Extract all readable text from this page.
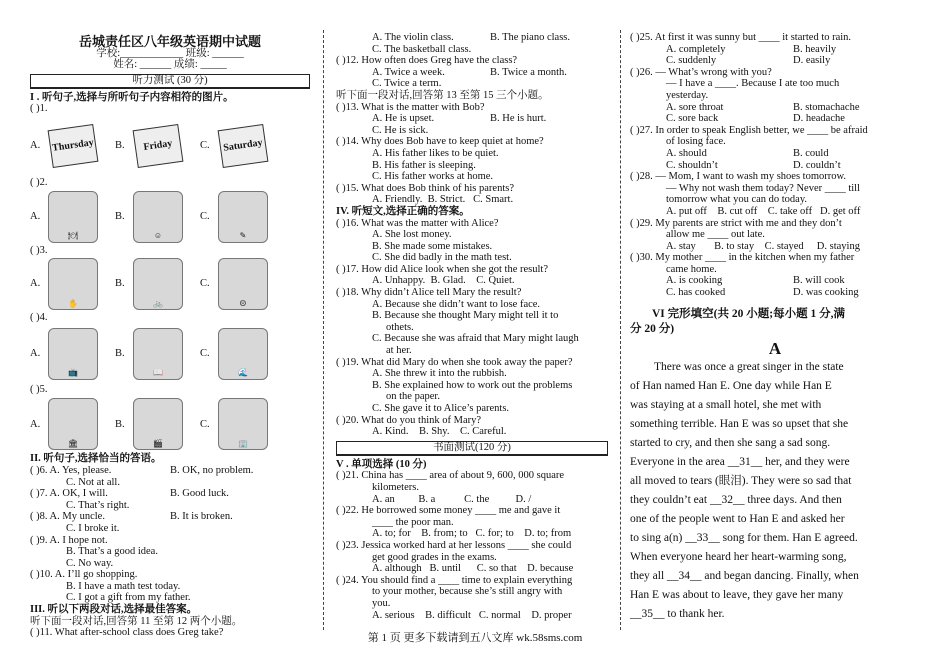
岳城责任区八年级英语期中试题
学校:____________ 班级: ______
姓名: ______ 成绩: _____
听力测试 (30 分)
I . 听句子,选择与所听句子内容相符的图片。
( )1.
A.	Thursday	B.	Friday	C.	Saturday
( )2.
A.
🍽
B.
☺
C.
✎
( )3.
A.
✋
B.
🚲
C.
☹
( )4.
A.
📺
B.
📖
C.
🌊
( )5.
A.
🏛
B.
🎬
C.
🏢
II. 听句子,选择恰当的答语。
( )6. A. Yes, please.	B. OK, no problem.
C. Not at all.
( )7. A. OK, I will.	B. Good luck.
C. That’s right.
( )8. A. My uncle.	B. It is broken.
C. I broke it.
( )9. A. I hope not.
B. That’s a good idea.
C. No way.
( )10. A. I’ll go shopping.
B. I have a math test today.
C. I got a gift from my father.
III. 听以下两段对话,选择最佳答案。
听下面一段对话,回答第 11 至第 12 两个小题。
( )11. What after-school class does Greg take?
A. The violin class.	B. The piano class.
C. The basketball class.
( )12. How often does Greg have the class?
A. Twice a week.	B. Twice a month.
C. Twice a term.
听下面一段对话,回答第 13 至第 15 三个小题。
( )13. What is the matter with Bob?
A. He is upset.	B. He is hurt.
C. He is sick.
( )14. Why does Bob have to keep quiet at home?
A. His father likes to be quiet.
B. His father is sleeping.
C. His father works at home.
( )15. What does Bob think of his parents?
A. Friendly.  B. Strict.   C. Smart.
IV. 听短文,选择正确的答案。
( )16. What was the matter with Alice?
A. She lost money.
B. She made some mistakes.
C. She did badly in the math test.
( )17. How did Alice look when she got the result?
A. Unhappy.  B. Glad.    C. Quiet.
( )18. Why didn’t Alice tell Mary the result?
A. Because she didn’t want to lose face.
B. Because she thought Mary might tell it to
othets.
C. Because she was afraid that Mary might laugh
at her.
( )19. What did Mary do when she took away the paper?
A. She threw it into the rubbish.
B. She explained how to work out the problems
on the paper.
C. She gave it to Alice’s parents.
( )20. What do you think of Mary?
A. Kind.    B. Shy.    C. Careful.
书面测试(120 分)
V . 单项选择 (10 分)
( )21. China has ____ area of about 9, 600, 000 square
kilometers.
A. an         B. a           C. the          D. /
( )22. He borrowed some money ____ me and gave it
____ the poor man.
A. to; for    B. from; to   C. for; to    D. to; from
( )23. Jessica worked hard at her lessons ____ she could
get good grades in the exams.
A. although   B. until      C. so that    D. because
( )24. You should find a ____ time to explain everything
to your mother, because she’s still angry with
you.
A. serious    B. difficult   C. normal    D. proper
( )25. At first it was sunny but ____ it started to rain.
A. completely	B. heavily
C. suddenly	D. easily
( )26. — What’s wrong with you?
— I have a ____. Because I ate too much
yesterday.
A. sore throat	B. stomachache
C. sore back	D. headache
( )27. In order to speak English better, we ____ be afraid
of losing face.
A. should	B. could
C. shouldn’t	D. couldn’t
( )28. — Mom, I want to wash my shoes tomorrow.
— Why not wash them today? Never ____ till
tomorrow what you can do today.
A. put off    B. cut off    C. take off   D. get off
( )29. My parents are strict with me and they don’t
allow me ____ out late.
A. stay       B. to stay    C. stayed     D. staying
( )30. My mother ____ in the kitchen when my father
came home.
A. is cooking	B. will cook
C. has cooked	D. was cooking
VI 完形填空(共 20 小题;每小题 1 分,满
分 20 分)
A
There was once a great singer in the state
of Han named Han E. One day while Han E
was staying at a small hotel, she met with
something terrible. Han E was so upset that she
started to cry, and then she sang a sad song.
Everyone in the area __31__ her, and they were
all moved to tears (眼泪). They were so sad that
they couldn’t eat __32__ three days. And then
one of the people went to Han E and asked her
to sing a(n) __33__ song for them. Han E agreed.
When everyone heard her heart-warming song,
they all __34__ and began dancing. Finally, when
Han E was about to leave, they gave her many
__35__ to thank her.
第 1 页 更多下载请到五八文库 wk.58sms.com
